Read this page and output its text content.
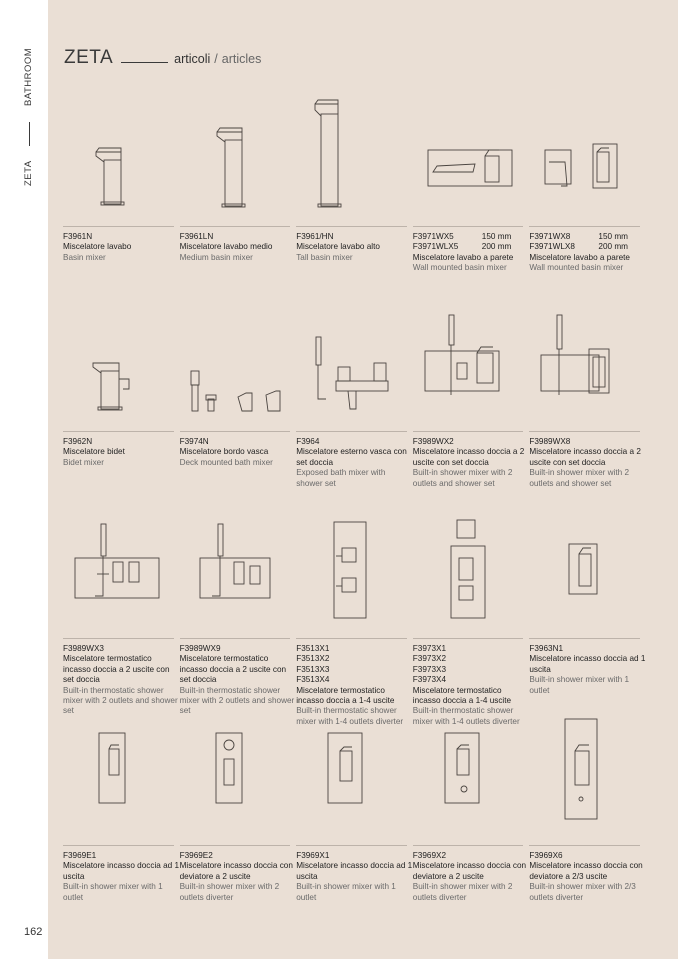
BATHROOM
ZETA
162
ZETA	articoli / articles
F3961N
Miscelatore lavabo
Basin mixer
F3961LN
Miscelatore lavabo medio
Medium basin mixer
F3961/HN
Miscelatore lavabo alto
Tall basin mixer
F3971WX5	150 mm
F3971WLX5	200 mm
Miscelatore lavabo a parete
Wall mounted basin mixer
F3971WX8	150 mm
F3971WLX8	200 mm
Miscelatore lavabo a parete
Wall mounted basin mixer
F3962N
Miscelatore bidet
Bidet mixer
F3974N
Miscelatore bordo vasca
Deck mounted bath mixer
F3964
Miscelatore esterno vasca con set doccia
Exposed bath mixer with shower set
F3989WX2
Miscelatore incasso doccia a 2 uscite con set doccia
Built-in shower mixer with 2 outlets and shower set
F3989WX8
Miscelatore incasso doccia a 2 uscite con set doccia
Built-in shower mixer with 2 outlets and shower set
F3989WX3
Miscelatore termostatico incasso doccia a 2 uscite con set doccia
Built-in thermostatic shower mixer with 2 outlets and shower set
F3989WX9
Miscelatore termostatico incasso doccia a 2 uscite con set doccia
Built-in thermostatic shower mixer with 2 outlets and shower set
F3513X1
F3513X2
F3513X3
F3513X4
Miscelatore termostatico incasso doccia a 1-4 uscite
Built-in thermostatic shower mixer with 1-4 outlets diverter
F3973X1
F3973X2
F3973X3
F3973X4
Miscelatore termostatico incasso doccia a 1-4 uscite
Built-in thermostatic shower mixer with 1-4 outlets diverter
F3963N1
Miscelatore incasso doccia ad 1 uscita
Built-in shower mixer with 1 outlet
F3969E1
Miscelatore incasso doccia ad 1 uscita
Built-in shower mixer with 1 outlet
F3969E2
Miscelatore incasso doccia con deviatore a 2 uscite
Built-in shower mixer with 2 outlets diverter
F3969X1
Miscelatore incasso doccia ad 1 uscita
Built-in shower mixer with 1 outlet
F3969X2
Miscelatore incasso doccia con deviatore a 2 uscite
Built-in shower mixer with 2 outlets diverter
F3969X6
Miscelatore incasso doccia con deviatore a 2/3 uscite
Built-in shower mixer with 2/3 outlets diverter
